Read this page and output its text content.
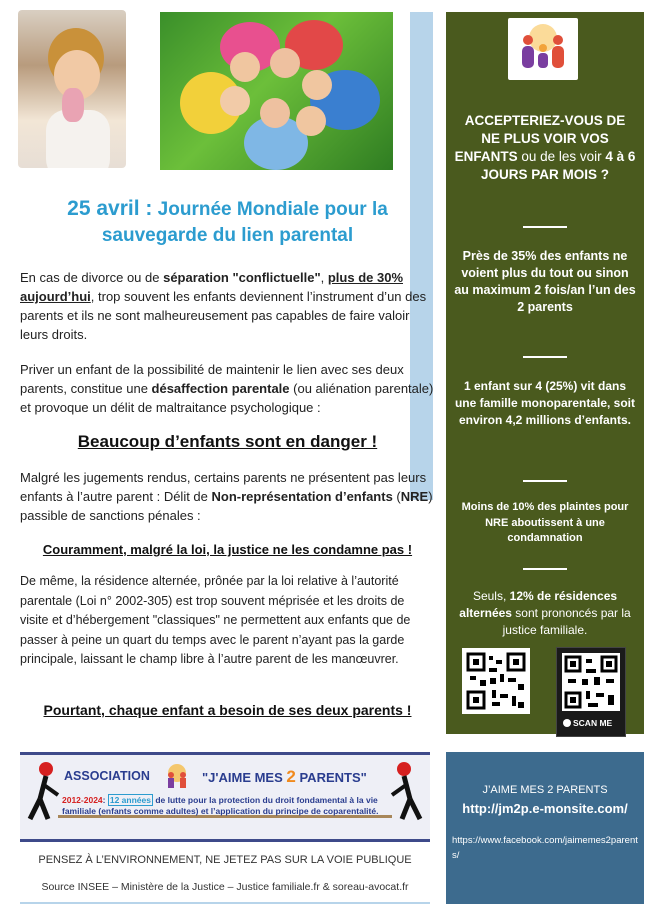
25 avril : Journée Mondiale pour la sauvegarde du lien parental
En cas de divorce ou de séparation "conflictuelle", plus de 30% aujourd’hui, trop souvent les enfants deviennent l’instrument d’un des parents et ils ne sont malheureusement pas capables de faire valoir leurs droits.
Priver un enfant de la possibilité de maintenir le lien avec ses deux parents, constitue une désaffection parentale (ou aliénation parentale) et provoque un délit de maltraitance psychologique :
Beaucoup d’enfants sont en danger !
Malgré les jugements rendus, certains parents ne présentent pas leurs enfants à l’autre parent : Délit de Non-représentation d’enfants (NRE) passible de sanctions pénales :
Couramment, malgré la loi, la justice ne les condamne pas !
De même, la résidence alternée, prônée par la loi relative à l’autorité parentale (Loi n° 2002-305) est trop souvent méprisée et les droits de visite et d’hébergement "classiques" ne permettent aux enfants que de passer à peine un quart du temps avec le parent n’ayant pas la garde principale, laissant le champ libre à l’autre parent de les manœuvrer.
Pourtant, chaque enfant a besoin de ses deux parents !
ACCEPTERIEZ-VOUS DE NE PLUS VOIR VOS ENFANTS ou de les voir 4 à 6 JOURS PAR MOIS ?
Près de 35% des enfants ne voient plus du tout ou sinon au maximum 2 fois/an l’un des 2 parents
1 enfant sur 4 (25%) vit dans une famille monoparentale, soit environ 4,2 millions d’enfants.
Moins de 10% des plaintes pour NRE aboutissent à une condamnation
Seuls, 12% de résidences alternées sont prononcés par la justice familiale.
SCAN ME
J’AIME MES 2 PARENTS
http://jm2p.e-monsite.com/
https://www.facebook.com/jaimemes2parents/
ASSOCIATION	"J'AIME MES 2 PARENTS"
2012-2024: 12 années de lutte pour la protection du droit fondamental à la vie familiale (enfants comme adultes) et l’application du principe de coparentalité.
PENSEZ À L’ENVIRONNEMENT, NE JETEZ PAS SUR LA VOIE PUBLIQUE
Source INSEE – Ministère de la Justice – Justice familiale.fr & soreau-avocat.fr
